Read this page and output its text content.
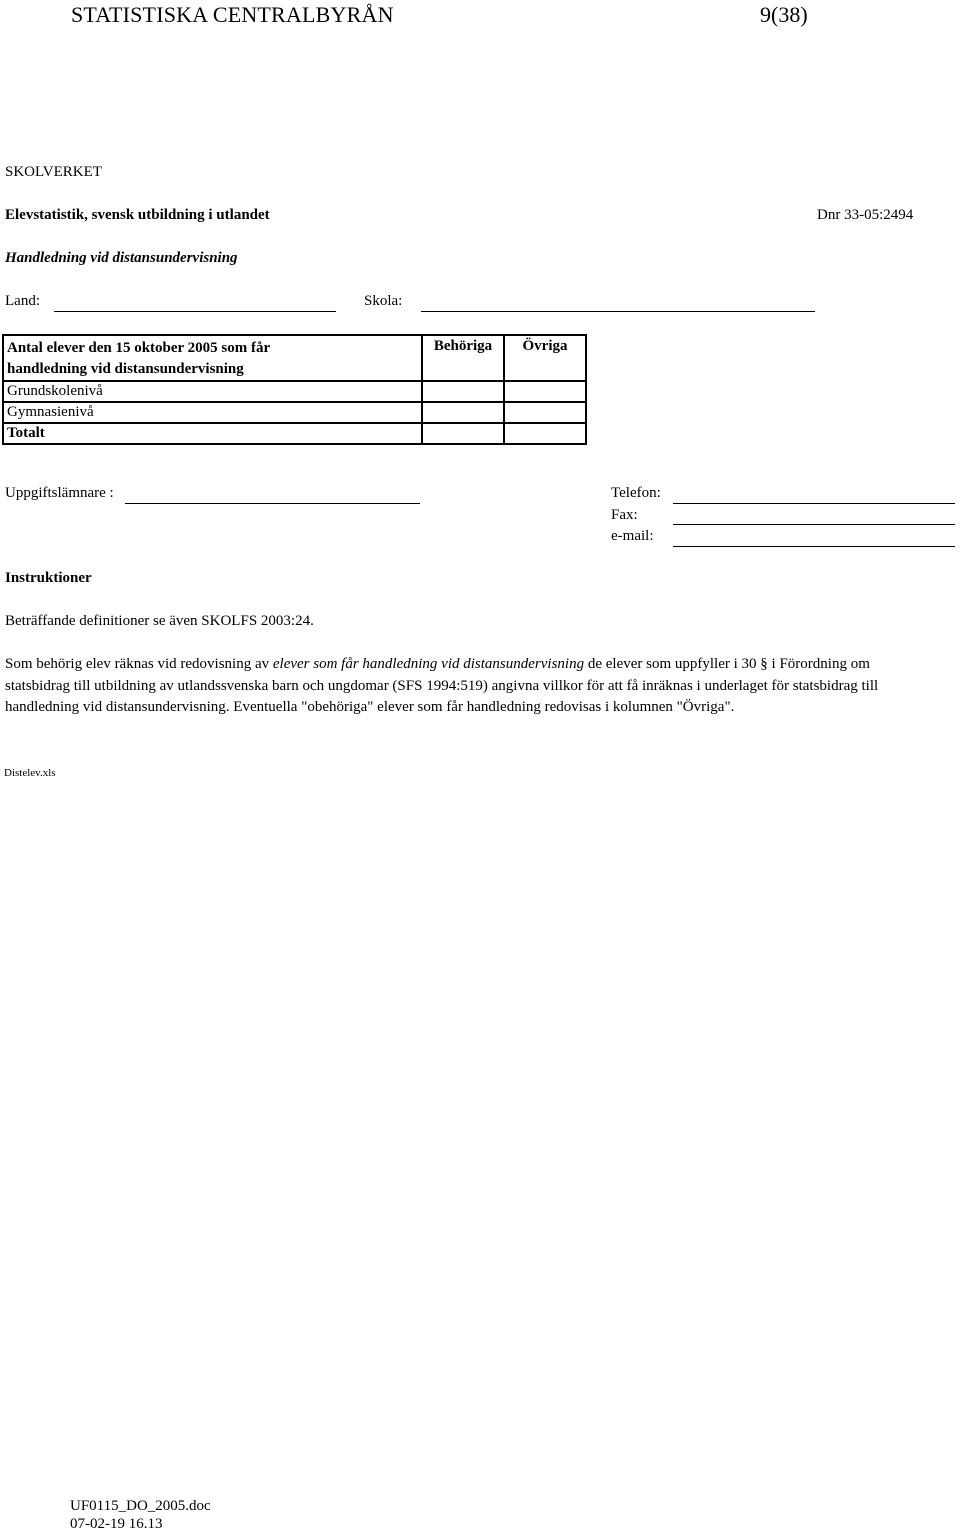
STATISTISKA CENTRALBYRÅN	9(38)
SKOLVERKET
Elevstatistik, svensk utbildning i utlandet	Dnr 33-05:2494
Handledning vid distansundervisning
Land:	Skola:
Antal elever den 15 oktober 2005 som får
handledning vid distansundervisning	Behöriga	Övriga
Grundskolenivå		
Gymnasienivå		
Totalt		
Uppgiftslämnare :	Telefon:
Fax:
e-mail:
Instruktioner
Beträffande definitioner se även SKOLFS 2003:24.
Som behörig elev räknas vid redovisning av elever som får handledning vid distansundervisning de elever som uppfyller i 30 § i Förordning om statsbidrag till utbildning av utlandssvenska barn och ungdomar (SFS 1994:519) angivna villkor för att få inräknas i underlaget för statsbidrag till handledning vid distansundervisning. Eventuella "obehöriga" elever som får handledning redovisas i kolumnen "Övriga".
Distelev.xls
UF0115_DO_2005.doc
07-02-19 16.13
